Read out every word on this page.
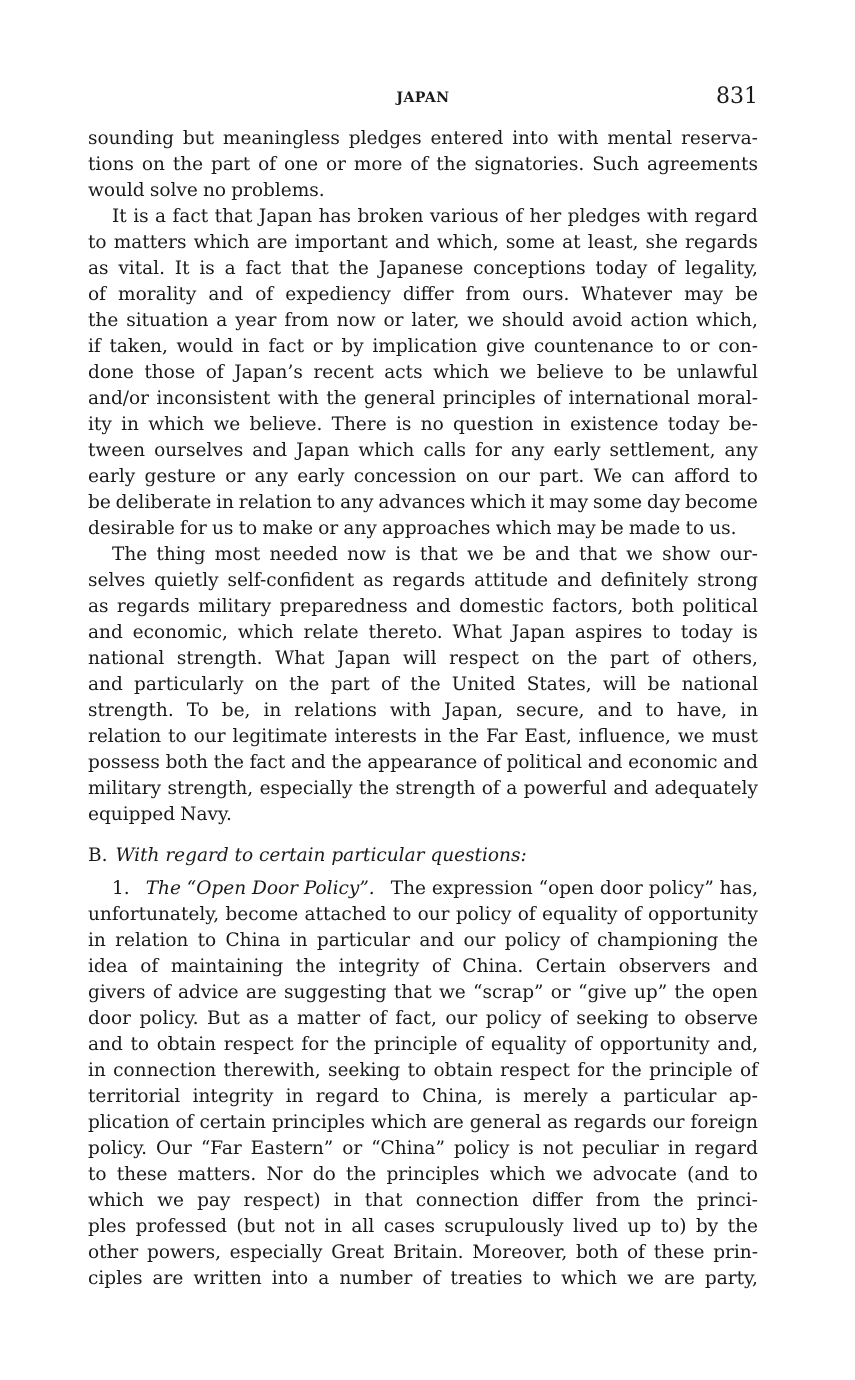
JAPAN	831
sounding but meaningless pledges entered into with mental reserva-
tions on the part of one or more of the signatories. Such agreements
would solve no problems.
It is a fact that Japan has broken various of her pledges with regard
to matters which are important and which, some at least, she regards
as vital. It is a fact that the Japanese conceptions today of legality,
of morality and of expediency differ from ours. Whatever may be
the situation a year from now or later, we should avoid action which,
if taken, would in fact or by implication give countenance to or con-
done those of Japan’s recent acts which we believe to be unlawful
and/or inconsistent with the general principles of international moral-
ity in which we believe. There is no question in existence today be-
tween ourselves and Japan which calls for any early settlement, any
early gesture or any early concession on our part. We can afford to
be deliberate in relation to any advances which it may some day become
desirable for us to make or any approaches which may be made to us.
The thing most needed now is that we be and that we show our-
selves quietly self-confident as regards attitude and definitely strong
as regards military preparedness and domestic factors, both political
and economic, which relate thereto. What Japan aspires to today is
national strength. What Japan will respect on the part of others,
and particularly on the part of the United States, will be national
strength. To be, in relations with Japan, secure, and to have, in
relation to our legitimate interests in the Far East, influence, we must
possess both the fact and the appearance of political and economic and
military strength, especially the strength of a powerful and adequately
equipped Navy.
B. With regard to certain particular questions:
1. The “Open Door Policy”. The expression “open door policy” has,
unfortunately, become attached to our policy of equality of opportunity
in relation to China in particular and our policy of championing the
idea of maintaining the integrity of China. Certain observers and
givers of advice are suggesting that we “scrap” or “give up” the open
door policy. But as a matter of fact, our policy of seeking to observe
and to obtain respect for the principle of equality of opportunity and,
in connection therewith, seeking to obtain respect for the principle of
territorial integrity in regard to China, is merely a particular ap-
plication of certain principles which are general as regards our foreign
policy. Our “Far Eastern” or “China” policy is not peculiar in regard
to these matters. Nor do the principles which we advocate (and to
which we pay respect) in that connection differ from the princi-
ples professed (but not in all cases scrupulously lived up to) by the
other powers, especially Great Britain. Moreover, both of these prin-
ciples are written into a number of treaties to which we are party,
